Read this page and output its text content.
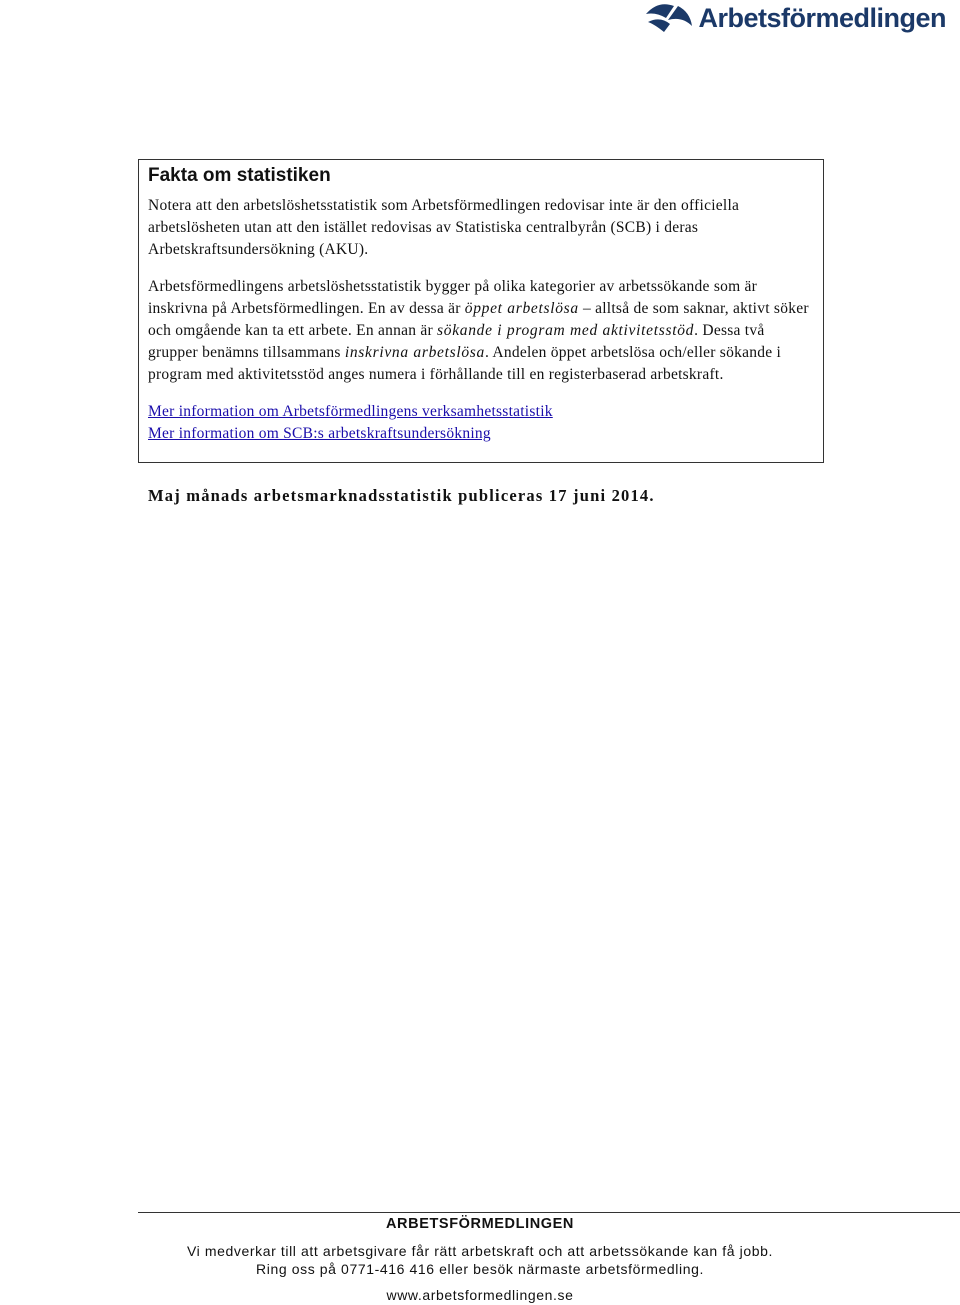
Arbetsförmedlingen
Fakta om statistiken

Notera att den arbetslöshetsstatistik som Arbetsförmedlingen redovisar inte är den officiella arbetslösheten utan att den istället redovisas av Statistiska centralbyrån (SCB) i deras Arbetskraftsundersökning (AKU).

Arbetsförmedlingens arbetslöshetsstatistik bygger på olika kategorier av arbetssökande som är inskrivna på Arbetsförmedlingen. En av dessa är öppet arbetslösa – alltså de som saknar, aktivt söker och omgående kan ta ett arbete. En annan är sökande i program med aktivitetsstöd. Dessa två grupper benämns tillsammans inskrivna arbetslösa. Andelen öppet arbetslösa och/eller sökande i program med aktivitetsstöd anges numera i förhållande till en registerbaserad arbetskraft.

Mer information om Arbetsförmedlingens verksamhetsstatistik
Mer information om SCB:s arbetskraftsundersökning
Maj månads arbetsmarknadsstatistik publiceras 17 juni 2014.
ARBETSFÖRMEDLINGEN
Vi medverkar till att arbetsgivare får rätt arbetskraft och att arbetssökande kan få jobb.
Ring oss på 0771-416 416 eller besök närmaste arbetsförmedling.
www.arbetsformedlingen.se
